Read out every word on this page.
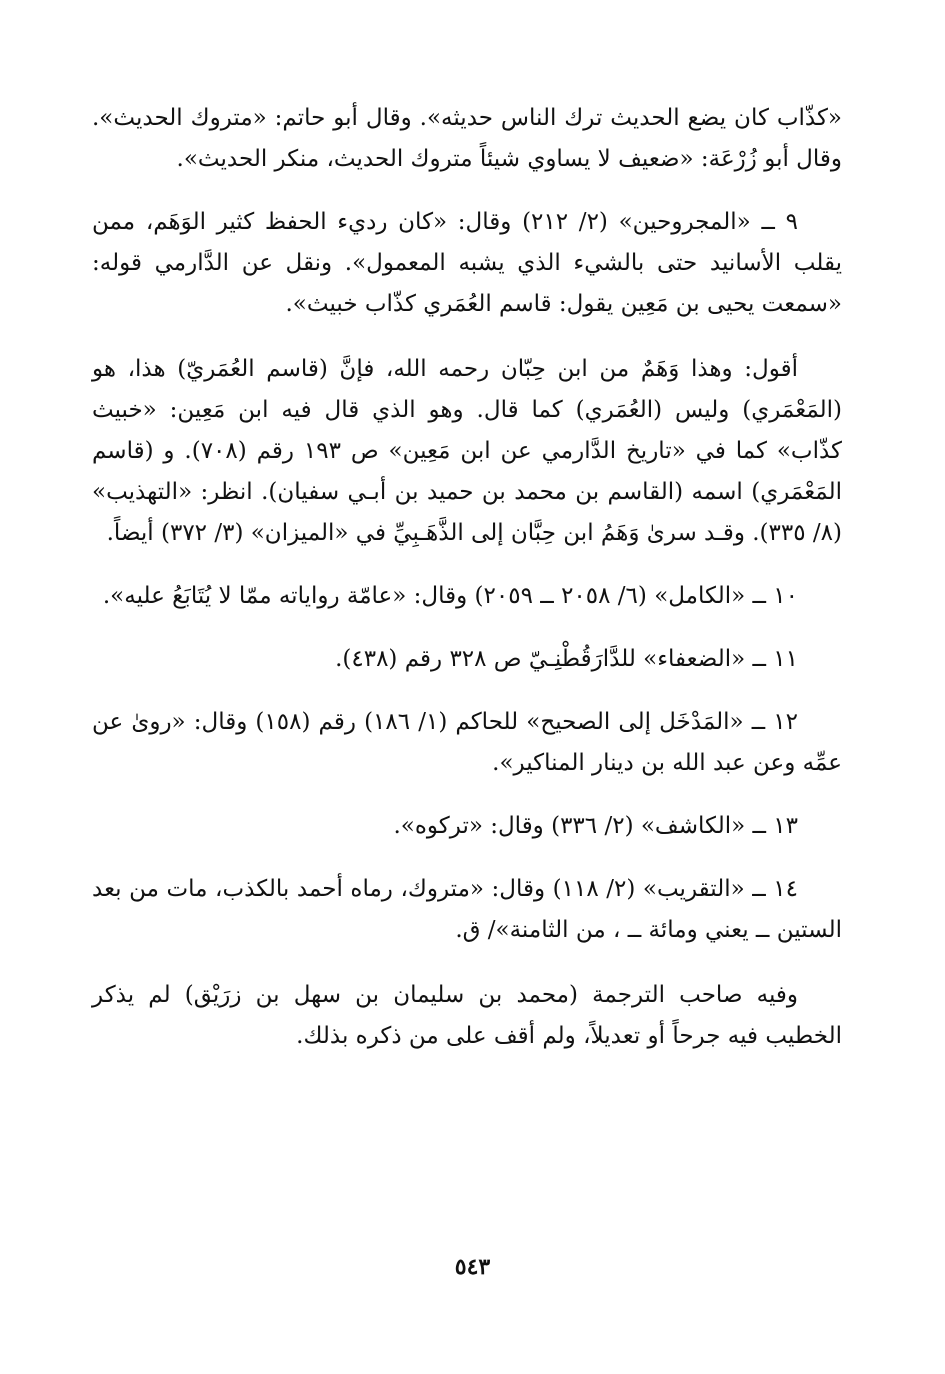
«كذّاب كان يضع الحديث ترك الناس حديثه». وقال أبو حاتم: «متروك الحديث». وقال أبو زُرْعَة: «ضعيف لا يساوي شيئاً متروك الحديث، منكر الحديث».

٩ ــ «المجروحين» (٢/ ٢١٢) وقال: «كان رديء الحفظ كثير الوَهَم، ممن يقلب الأسانيد حتى بالشيء الذي يشبه المعمول». ونقل عن الدَّارمي قوله: «سمعت يحيى بن مَعِين يقول: قاسم العُمَري كذّاب خبيث».

أقول: وهذا وَهَمٌ من ابن حِبّان رحمه الله، فإنَّ (قاسم العُمَريّ) هذا، هو (المَعْمَري) وليس (العُمَري) كما قال. وهو الذي قال فيه ابن مَعِين: «خبيث كذّاب» كما في «تاريخ الدَّارمي عن ابن مَعِين» ص ١٩٣ رقم (٧٠٨). و (قاسم المَعْمَري) اسمه (القاسم بن محمد بن حميد بن أبـي سفيان). انظر: «التهذيب» (٨/ ٣٣٥). وقـد سرىٰ وَهَمُ ابن حِبَّان إلى الذَّهَـبِيِّ في «الميزان» (٣/ ٣٧٢) أيضاً.

١٠ ــ «الكامل» (٦/ ٢٠٥٨ ــ ٢٠٥٩) وقال: «عامّة رواياته ممّا لا يُتَابَعُ عليه».

١١ ــ «الضعفاء» للدَّارَقُطْنِـيّ ص ٣٢٨ رقم (٤٣٨).

١٢ ــ «المَدْخَل إلى الصحيح» للحاكم (١/ ١٨٦) رقم (١٥٨) وقال: «روىٰ عن عمِّه وعن عبد الله بن دينار المناكير».

١٣ ــ «الكاشف» (٢/ ٣٣٦) وقال: «تركوه».

١٤ ــ «التقريب» (٢/ ١١٨) وقال: «متروك، رماه أحمد بالكذب، مات من بعد الستين ــ يعني ومائة ــ ، من الثامنة»/ ق.

وفيه صاحب الترجمة (محمد بن سليمان بن سهل بن زرَيْق) لم يذكر الخطيب فيه جرحاً أو تعديلاً، ولم أقف على من ذكره بذلك.

٥٤٣
